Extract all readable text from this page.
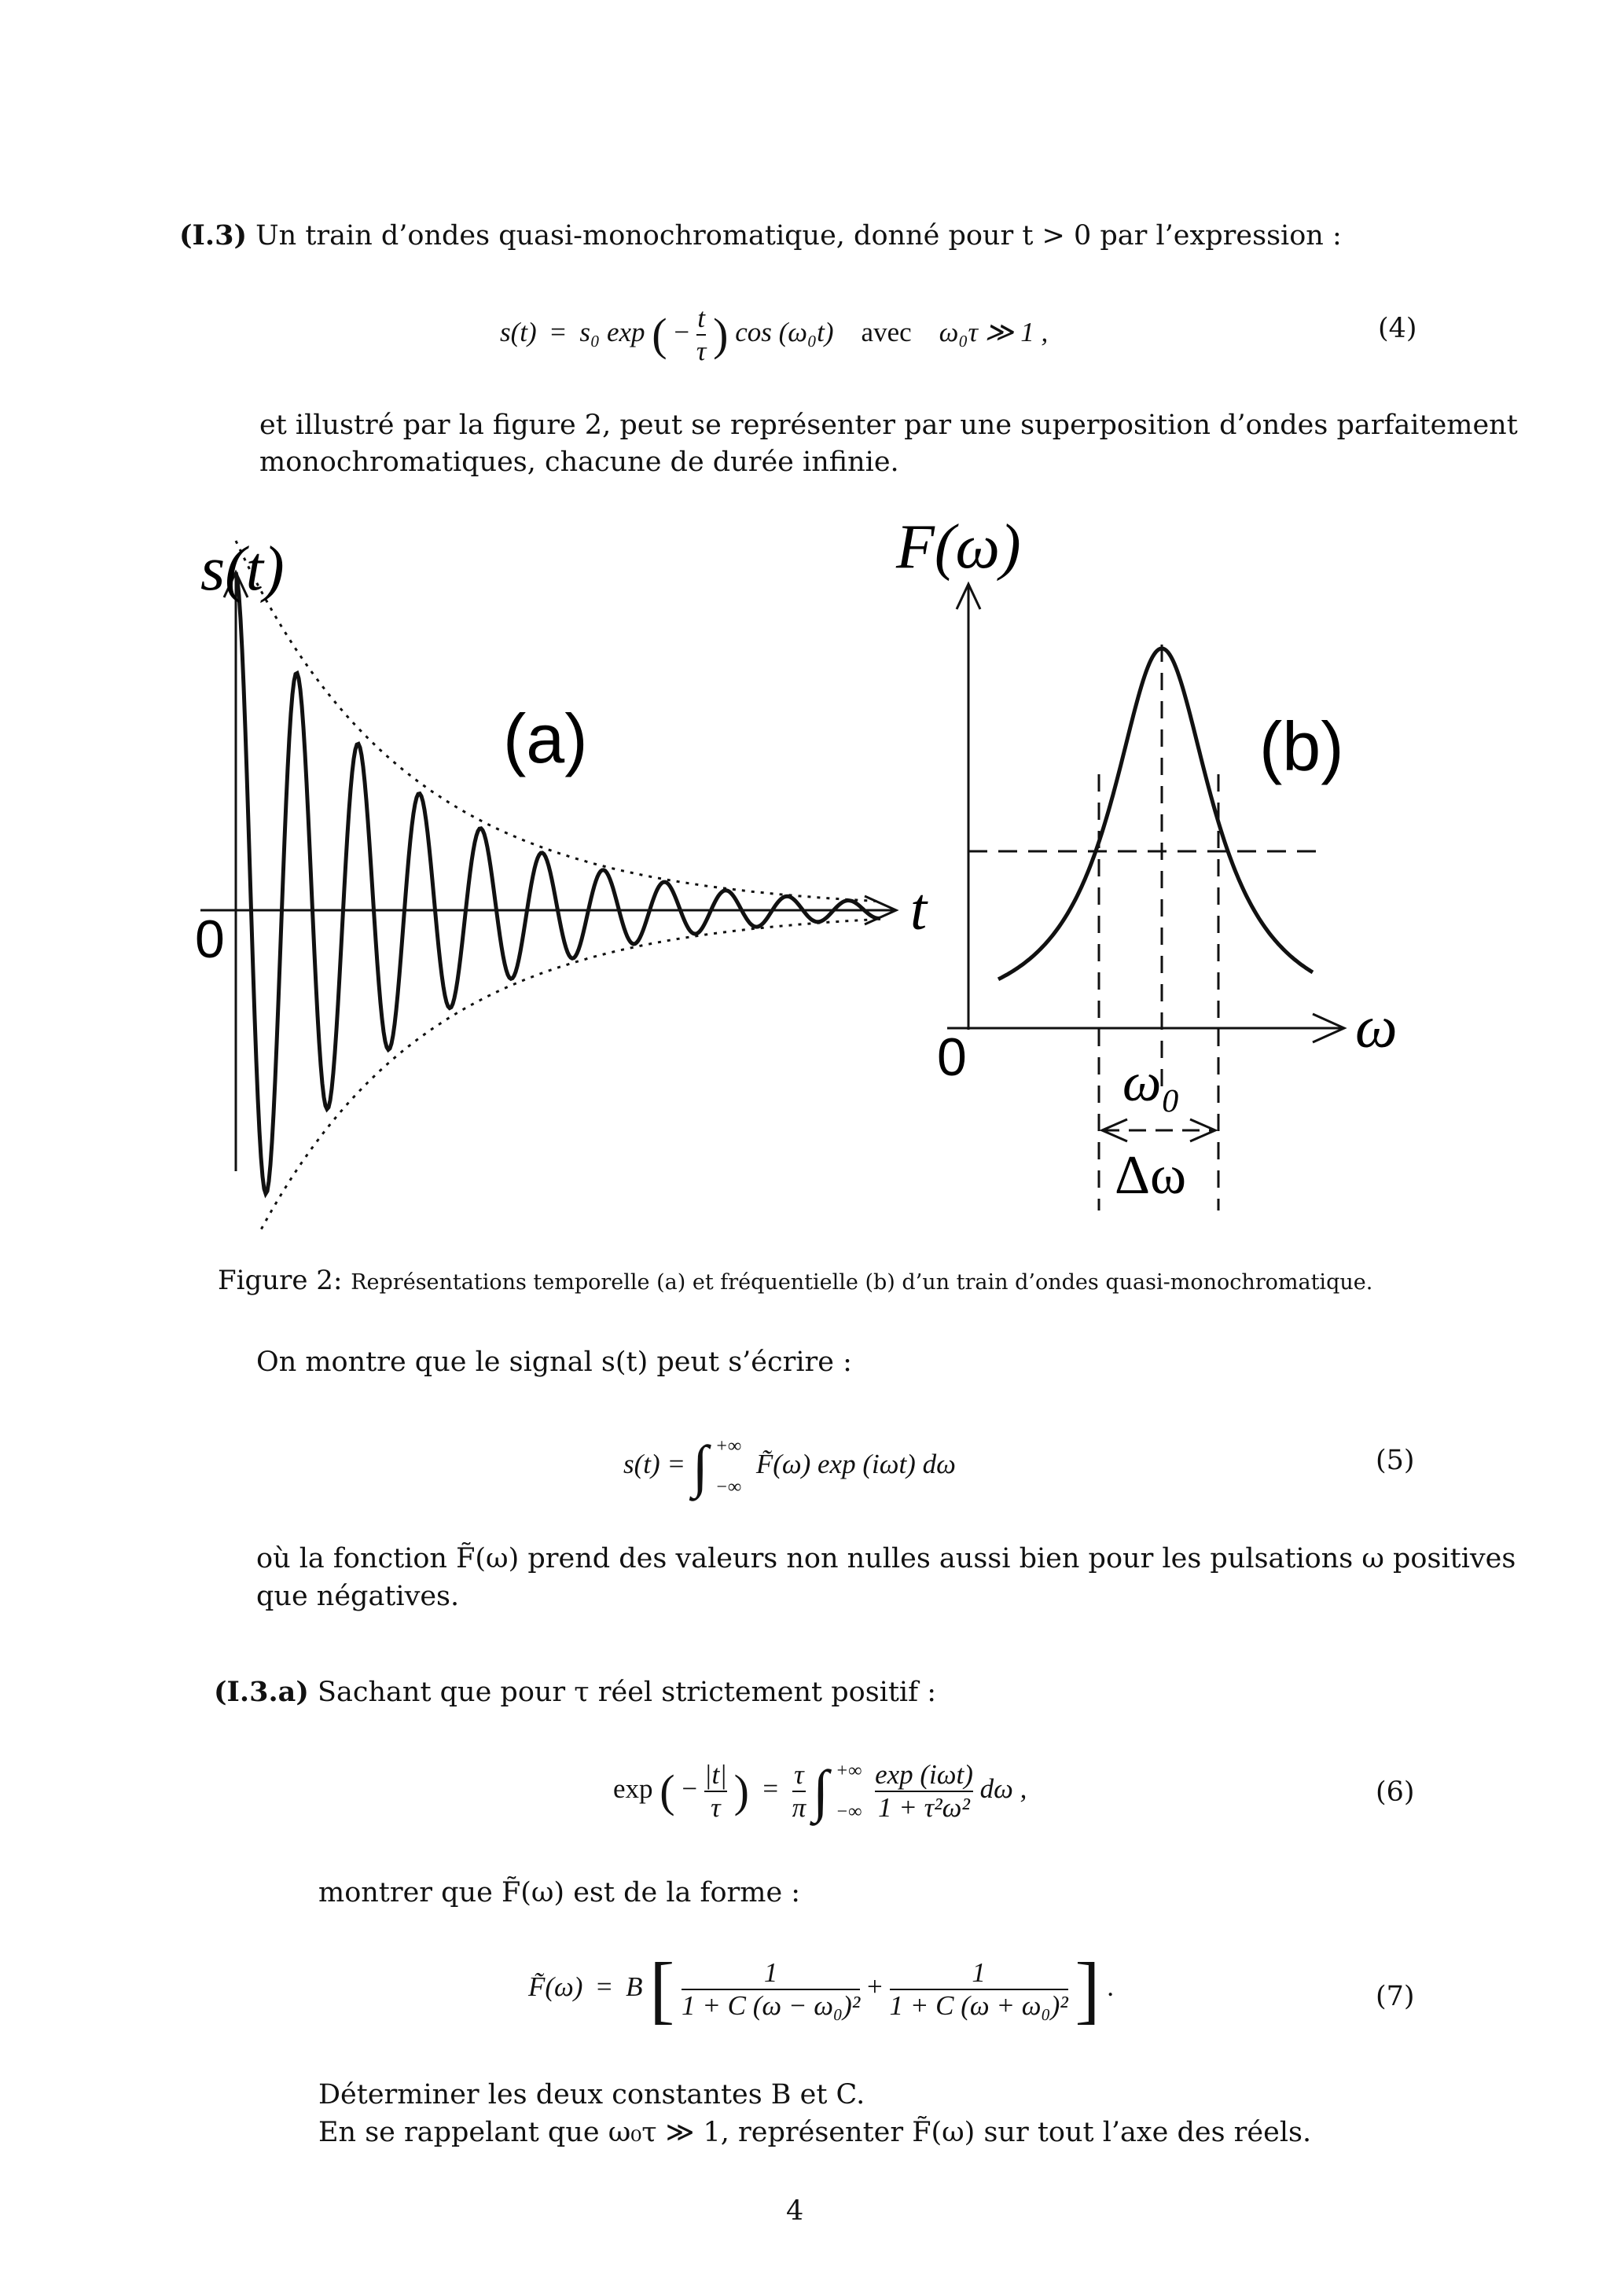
(I.3) Un train d’ondes quasi-monochromatique, donné pour t > 0 par l’expression :
s(t)  =  s₀ exp ( − $\frac{t}{\tau}$ ) cos (ω₀t) avec ω₀τ ≫ 1 ,	(4)
et illustré par la figure 2, peut se représenter par une superposition d’ondes parfaitement
monochromatiques, chacune de durée infinie.
s(t)
(a)
0	t
F(ω)
(b)
0	ω
ω₀
Δω
Figure 2: Représentations temporelle (a) et fréquentielle (b) d’un train d’ondes quasi-monochromatique.
On montre que le signal s(t) peut s’écrire :
s(t) = ∫ +∞
−∞
F̃(ω) exp (iωt) dω	(5)
où la fonction F̃(ω) prend des valeurs non nulles aussi bien pour les pulsations ω positives
que négatives.
(I.3.a) Sachant que pour τ réel strictement positif :
exp ( − $\frac{|t|}{\tau}$ ) = $\frac{\tau}{\pi}$ ∫ +∞
−∞
$\frac{\text{exp (iωt)}}{\text{1 + τ²ω²}}$ dω ,	(6)
montrer que F̃(ω) est de la forme :
F̃(ω) = B [ $\frac{1}{\text{1 + C (ω − ω₀)²}} + \frac{1}{\text{1 + C (ω + ω₀)²}}$ ] .	(7)
Déterminer les deux constantes B et C.
En se rappelant que ω₀τ ≫ 1, représenter F̃(ω) sur tout l’axe des réels.
4
